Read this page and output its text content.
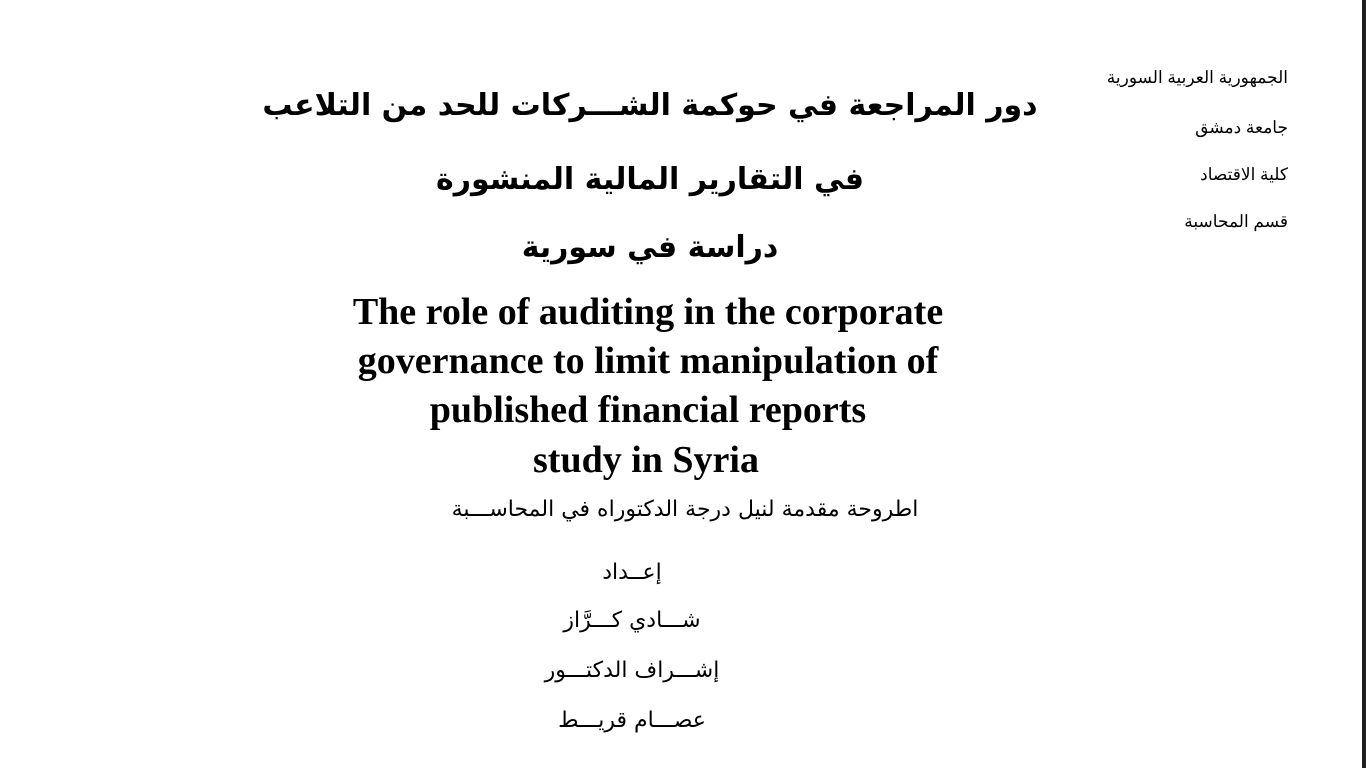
الجمهورية العربية السورية
جامعة دمشق
كلية الاقتصاد
قسم المحاسبة
دور المراجعة في حوكمة الشـــركات للحد من التلاعب
في التقارير المالية المنشورة
دراسة في سورية
The role of auditing in the corporate
governance to limit manipulation of
published financial reports
study in Syria
اطروحة مقدمة لنيل درجة الدكتوراه في المحاســـبة
إعــداد
شـــادي كـــرَّاز
إشـــراف الدكتـــور
عصـــام قريـــط
